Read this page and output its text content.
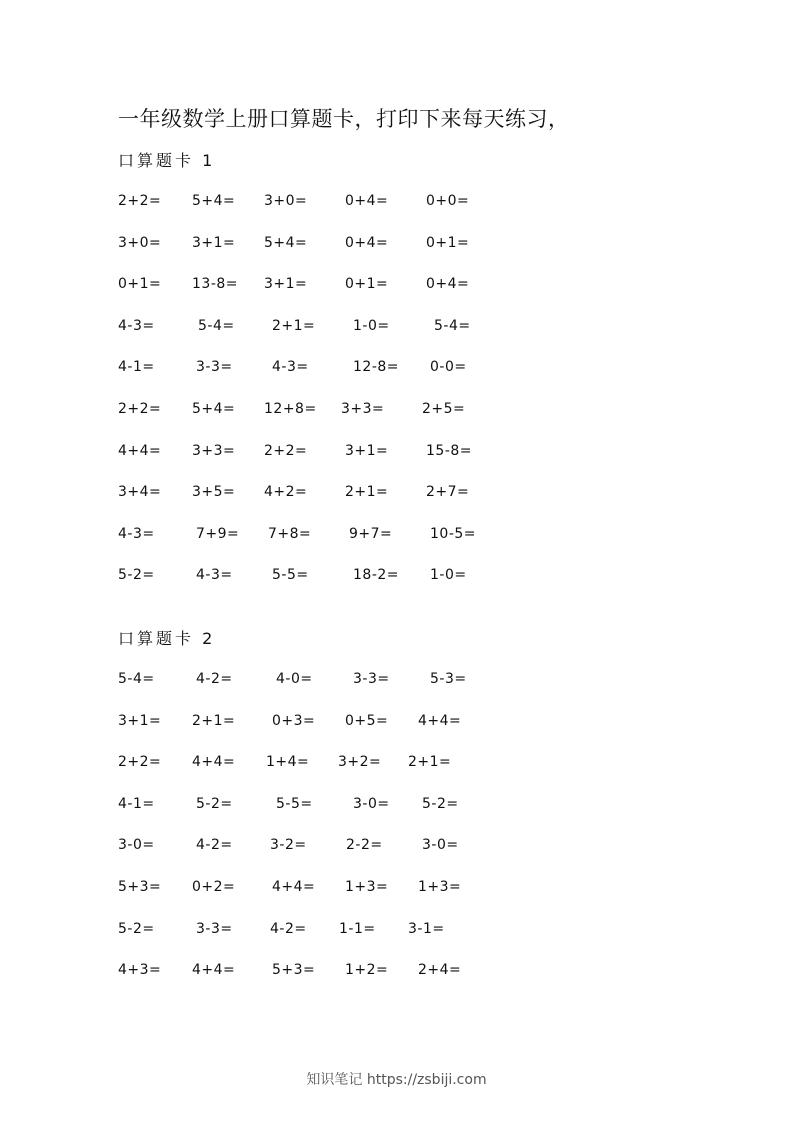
一年级数学上册口算题卡，打印下来每天练习，
口算题卡 1
2+2= 5+4= 3+0=	0+4=	0+0=
3+0= 3+1= 5+4=	0+4=	0+1=
0+1= 13-8= 3+1=	0+1=	0+4=
4-3=	5-4=	2+1=	1-0=	5-4=
4-1=	3-3=	4-3=	12-8= 0-0=
2+2= 5+4= 12+8= 3+3=	2+5=
4+4= 3+3= 2+2=	3+1=	15-8=
3+4= 3+5= 4+2=	2+1=	2+7=
4-3=	7+9= 7+8=	9+7=	10-5=
5-2=	4-3=	5-5=	18-2= 1-0=
口算题卡 2
5-4=	4-2=	4-0=	3-3=	5-3=
3+1= 2+1=	0+3= 0+5= 4+4=
2+2= 4+4= 1+4= 3+2= 2+1=
4-1=	5-2=	5-5=	3-0= 5-2=
3-0=	4-2=	3-2=	2-2=	3-0=
5+3= 0+2=	4+4= 1+3= 1+3=
5-2=	3-3=	4-2= 1-1= 3-1=
4+3= 4+4=	5+3= 1+2= 2+4=
知识笔记 https://zsbiji.com
